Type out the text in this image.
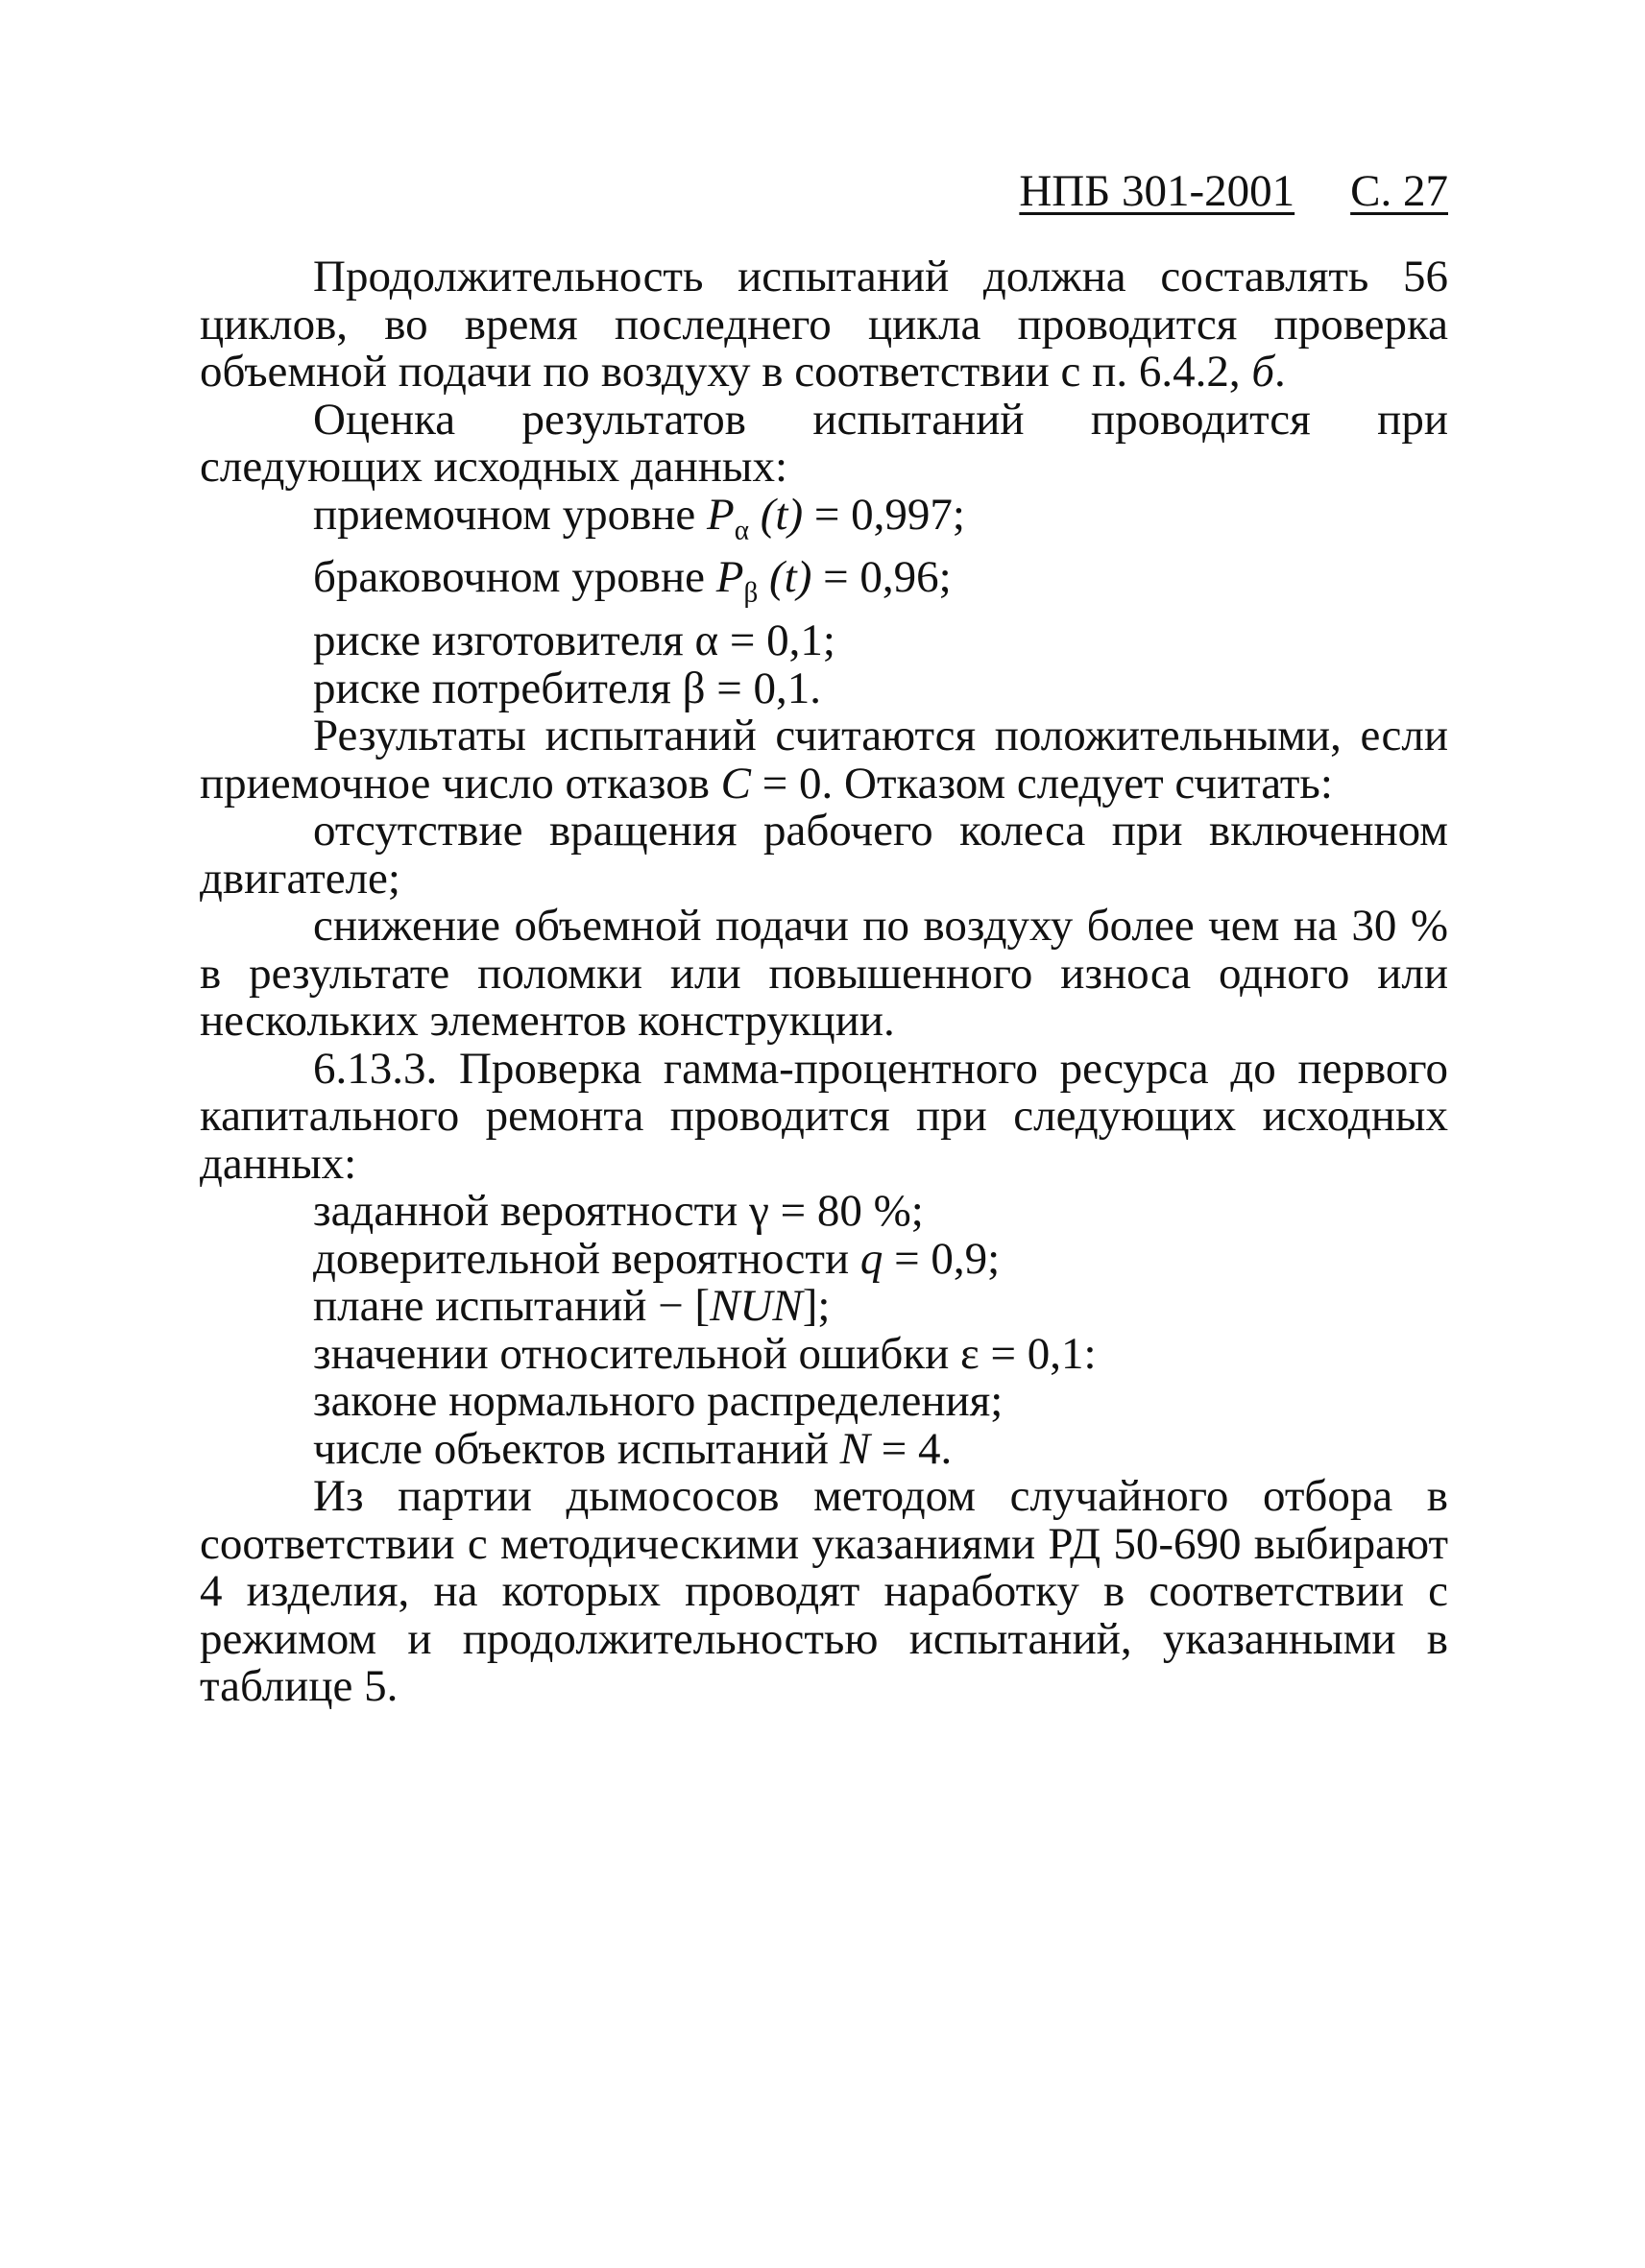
НПБ 301-2001 С. 27

Продолжительность испытаний должна составлять 56 циклов, во время последнего цикла проводится проверка объемной подачи по воздуху в соответствии с п. 6.4.2, б.

Оценка результатов испытаний проводится при следующих исходных данных:

приемочном уровне $P_\alpha$ (t) = 0,997;

браковочном уровне $P_\beta$ (t) = 0,96;

риске изготовителя α = 0,1;

риске потребителя β = 0,1.

Результаты испытаний считаются положительными, если приемочное число отказов C = 0. Отказом следует считать:

отсутствие вращения рабочего колеса при включенном двигателе;

снижение объемной подачи по воздуху более чем на 30 % в результате поломки или повышенного износа одного или нескольких элементов конструкции.

6.13.3. Проверка гамма-процентного ресурса до первого капитального ремонта проводится при следующих исходных данных:

заданной вероятности γ = 80 %;

доверительной вероятности q = 0,9;

плане испытаний − [NUN];

значении относительной ошибки ε = 0,1:

законе нормального распределения;

числе объектов испытаний N = 4.

Из партии дымососов методом случайного отбора в соответствии с методическими указаниями РД 50-690 выбирают 4 изделия, на которых проводят наработку в соответствии с режимом и продолжительностью испытаний, указанными в таблице 5.
